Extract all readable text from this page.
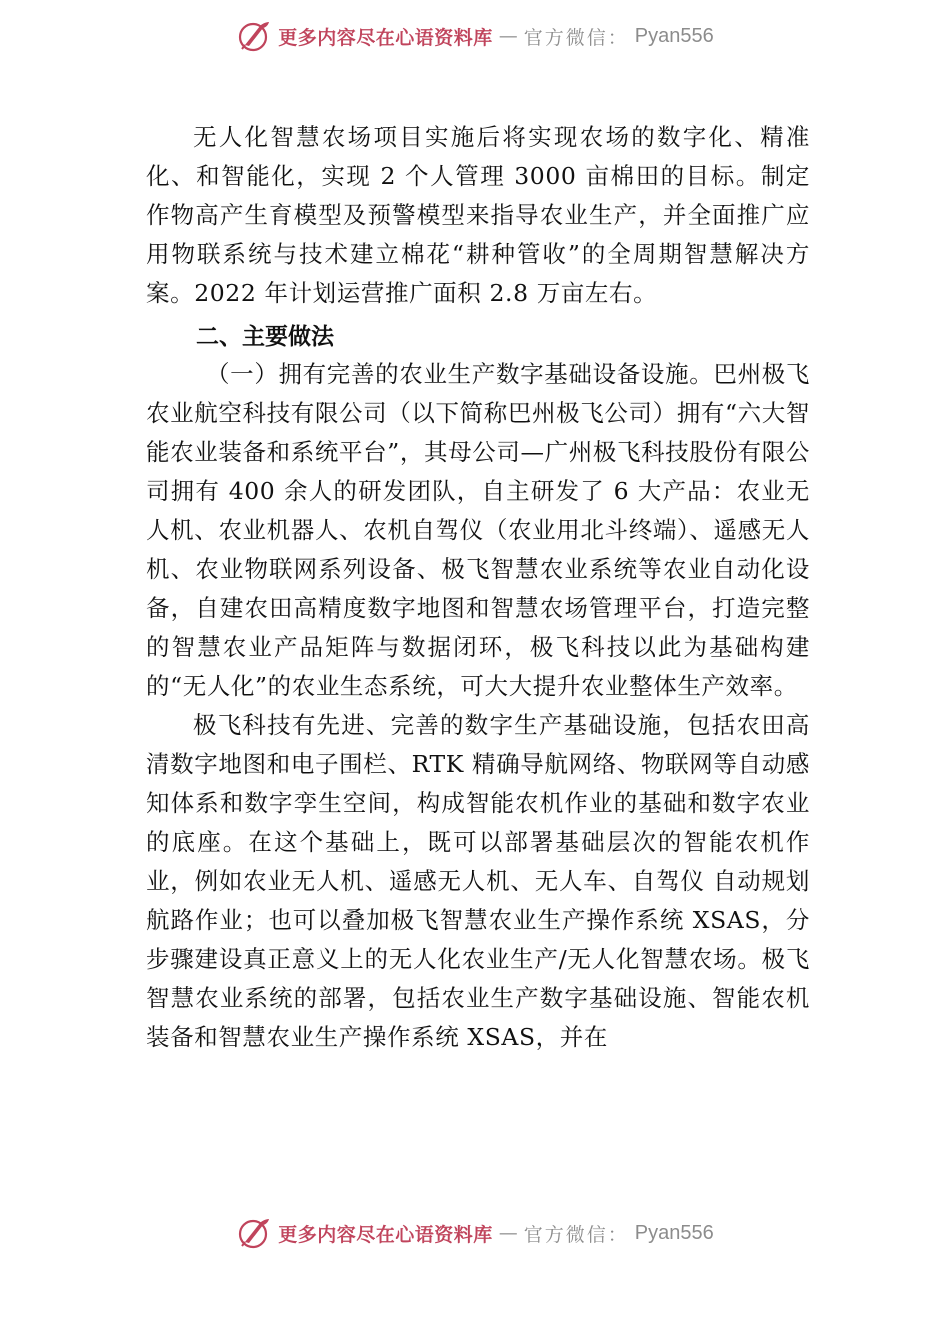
更多内容尽在心语资料库 — 官方微信： Pyan556

无人化智慧农场项目实施后将实现农场的数字化、精准化、和智能化，实现 2 个人管理 3000 亩棉田的目标。制定作物高产生育模型及预警模型来指导农业生产，并全面推广应用物联系统与技术建立棉花“耕种管收”的全周期智慧解决方案。2022 年计划运营推广面积 2.8 万亩左右。

二、主要做法

（一）拥有完善的农业生产数字基础设备设施。巴州极飞农业航空科技有限公司（以下简称巴州极飞公司）拥有“六大智能农业装备和系统平台”，其母公司—广州极飞科技股份有限公司拥有 400 余人的研发团队，自主研发了 6 大产品：农业无人机、农业机器人、农机自驾仪（农业用北斗终端）、遥感无人机、农业物联网系列设备、极飞智慧农业系统等农业自动化设备，自建农田高精度数字地图和智慧农场管理平台，打造完整的智慧农业产品矩阵与数据闭环，极飞科技以此为基础构建的“无人化”的农业生态系统，可大大提升农业整体生产效率。

极飞科技有先进、完善的数字生产基础设施，包括农田高清数字地图和电子围栏、RTK 精确导航网络、物联网等自动感知体系和数字孪生空间，构成智能农机作业的基础和数字农业的底座。在这个基础上，既可以部署基础层次的智能农机作业，例如农业无人机、遥感无人机、无人车、自驾仪 自动规划航路作业；也可以叠加极飞智慧农业生产操作系统 XSAS，分步骤建设真正意义上的无人化农业生产/无人化智慧农场。极飞智慧农业系统的部署，包括农业生产数字基础设施、智能农机装备和智慧农业生产操作系统 XSAS，并在

更多内容尽在心语资料库 — 官方微信： Pyan556
